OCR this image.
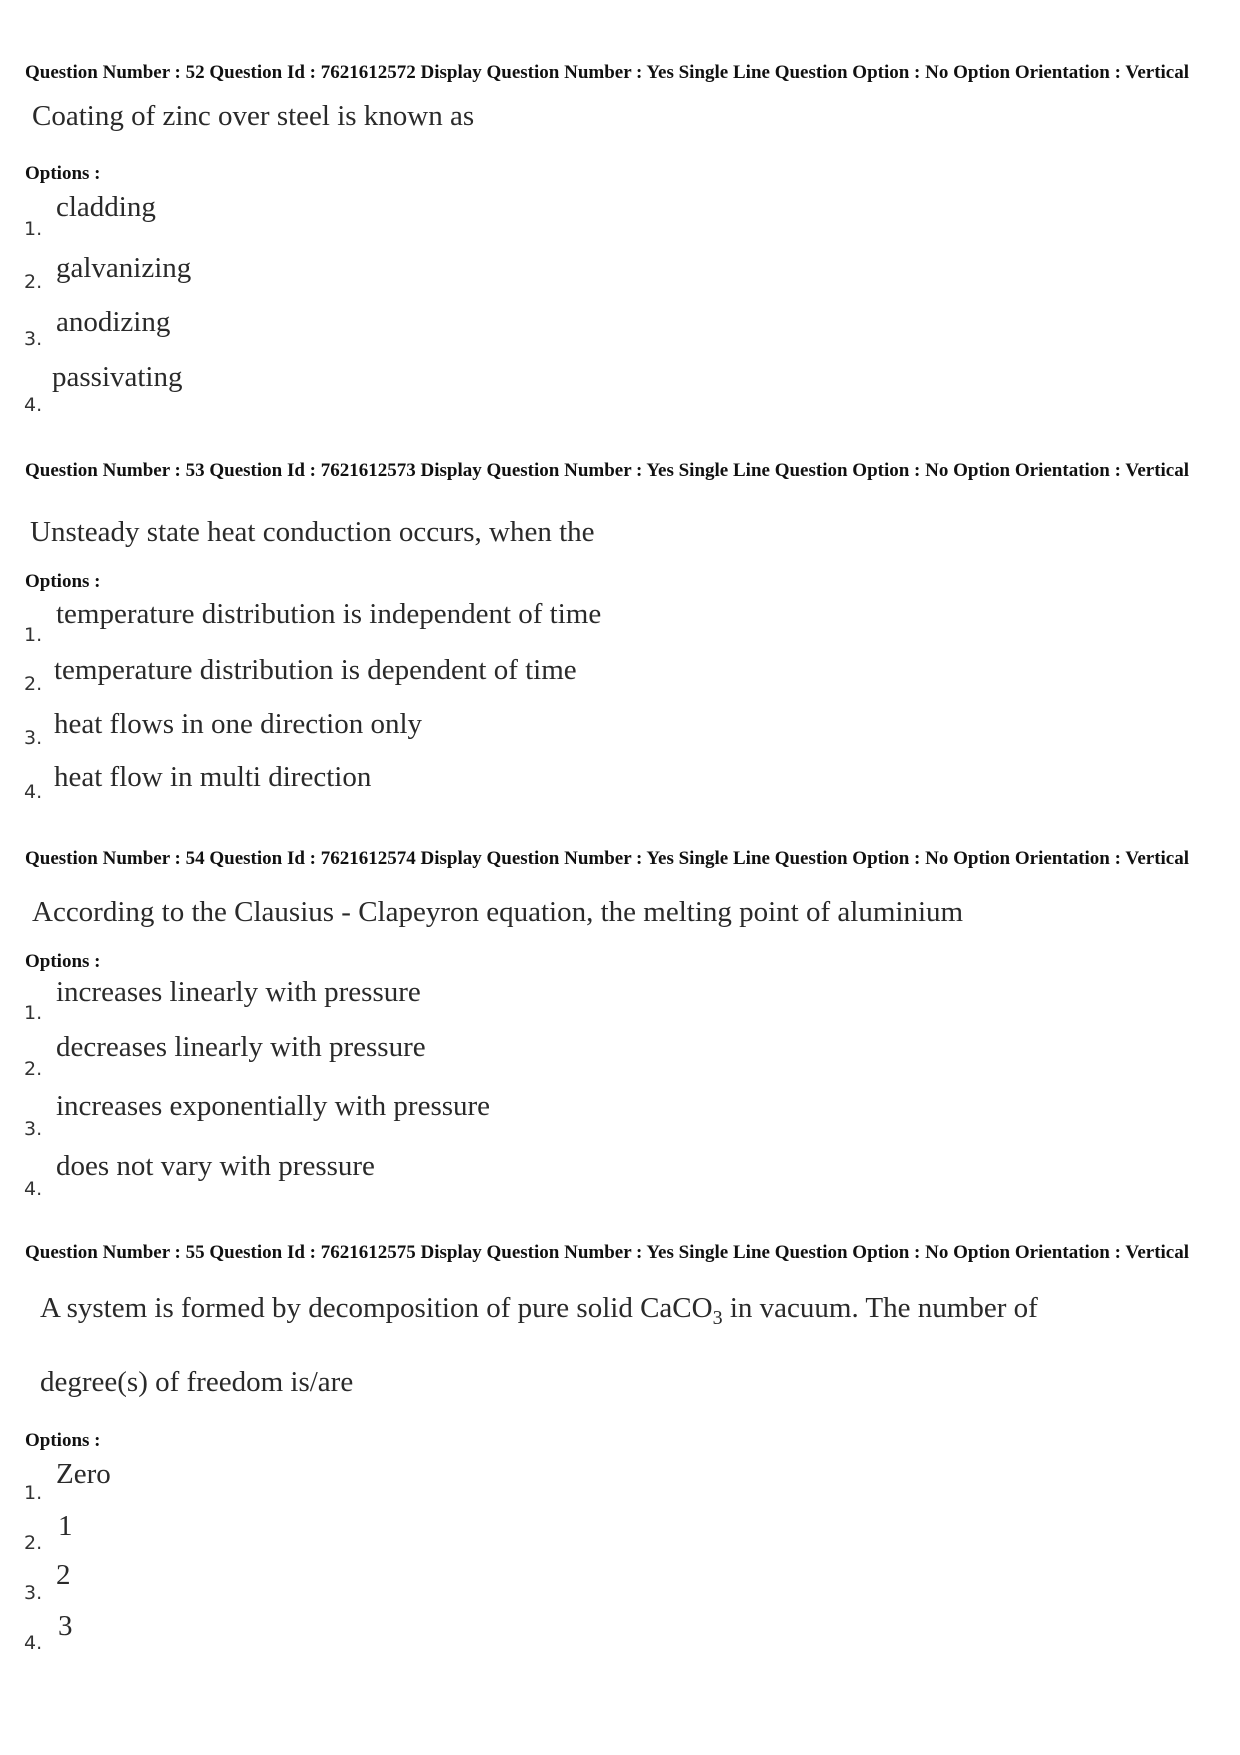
Question Number : 52 Question Id : 7621612572 Display Question Number : Yes Single Line Question Option : No Option Orientation : Vertical
Coating of zinc over steel is known as
Options :
1.
cladding
2. galvanizing
3.
anodizing
4.
passivating
Question Number : 53 Question Id : 7621612573 Display Question Number : Yes Single Line Question Option : No Option Orientation : Vertical
Unsteady state heat conduction occurs, when the
Options :
1.
temperature distribution is independent of time
2. temperature distribution is dependent of time
3. heat flows in one direction only
4. heat flow in multi direction
Question Number : 54 Question Id : 7621612574 Display Question Number : Yes Single Line Question Option : No Option Orientation : Vertical
According to the Clausius - Clapeyron equation, the melting point of aluminium
Options :
1.
increases linearly with pressure
2.
decreases linearly with pressure
3.
increases exponentially with pressure
4.
does not vary with pressure
Question Number : 55 Question Id : 7621612575 Display Question Number : Yes Single Line Question Option : No Option Orientation : Vertical
A system is formed by decomposition of pure solid CaCO$_3$ in vacuum. The number of
degree(s) of freedom is/are
Options :
1.
Zero
2.
1
3.
2
4.
3
